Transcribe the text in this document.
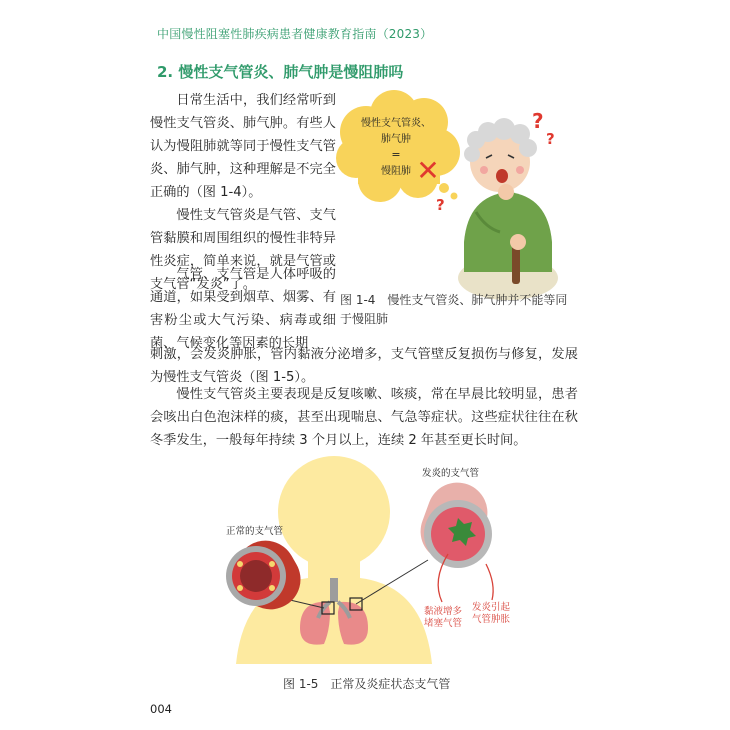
中国慢性阻塞性肺疾病患者健康教育指南（2023）
2. 慢性支气管炎、肺气肿是慢阻肺吗
日常生活中，我们经常听到慢性支气管炎、肺气肿。有些人认为慢阻肺就等同于慢性支气管炎、肺气肿，这种理解是不完全正确的（图 1-4）。
慢性支气管炎是气管、支气管黏膜和周围组织的慢性非特异性炎症，简单来说，就是气管或支气管“发炎”了。
气管、支气管是人体呼吸的通道，如果受到烟草、烟雾、有害粉尘或大气污染、病毒或细菌、气候变化等因素的长期
刺激，会发炎肿胀，管内黏液分泌增多，支气管壁反复损伤与修复，发展为慢性支气管炎（图 1-5）。
慢性支气管炎主要表现是反复咳嗽、咳痰，常在早晨比较明显，患者会咳出白色泡沫样的痰，甚至出现喘息、气急等症状。这些症状往往在秋冬季发生，一般每年持续 3 个月以上，连续 2 年甚至更长时间。
慢性支气管炎、
肺气肿
=
慢阻肺 ✕
?
?
?
图 1-4　慢性支气管炎、肺气肿并不能等同于慢阻肺
正常的支气管
发炎的支气管
黏液增多
堵塞气管
发炎引起
气管肿胀
图 1-5　正常及炎症状态支气管
004
